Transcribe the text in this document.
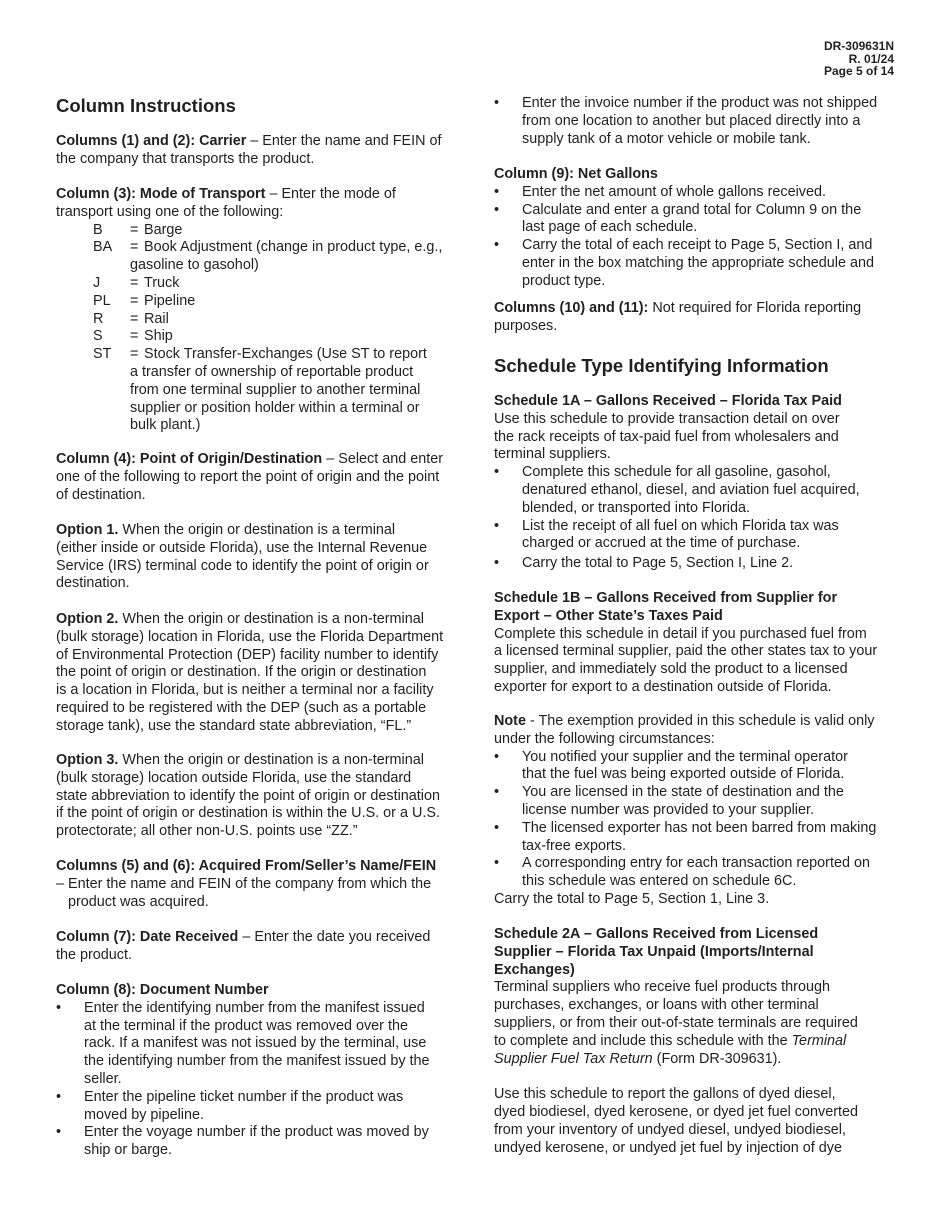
DR-309631N
R. 01/24
Page 5 of 14
Column Instructions
Columns (1) and (2): Carrier – Enter the name and FEIN of
the company that transports the product.
Column (3): Mode of Transport – Enter the mode of
transport using one of the following:
B	= Barge
BA	= Book Adjustment (change in product type, e.g.,
gasoline to gasohol)
J	= Truck
PL	= Pipeline
R	= Rail
S	= Ship
ST	= Stock Transfer-Exchanges (Use ST to report
a transfer of ownership of reportable product
from one terminal supplier to another terminal
supplier or position holder within a terminal or
bulk plant.)
Column (4): Point of Origin/Destination – Select and enter
one of the following to report the point of origin and the point
of destination.
Option 1. When the origin or destination is a terminal
(either inside or outside Florida), use the Internal Revenue
Service (IRS) terminal code to identify the point of origin or
destination.
Option 2. When the origin or destination is a non-terminal
(bulk storage) location in Florida, use the Florida Department
of Environmental Protection (DEP) facility number to identify
the point of origin or destination. If the origin or destination
is a location in Florida, but is neither a terminal nor a facility
required to be registered with the DEP (such as a portable
storage tank), use the standard state abbreviation, “FL.”
Option 3. When the origin or destination is a non-terminal
(bulk storage) location outside Florida, use the standard
state abbreviation to identify the point of origin or destination
if the point of origin or destination is within the U.S. or a U.S.
protectorate; all other non-U.S. points use “ZZ.”
Columns (5) and (6): Acquired From/Seller’s Name/FEIN
– Enter the name and FEIN of the company from which the
product was acquired.
Column (7): Date Received – Enter the date you received
the product.
Column (8): Document Number
• Enter the identifying number from the manifest issued
at the terminal if the product was removed over the
rack. If a manifest was not issued by the terminal, use
the identifying number from the manifest issued by the
seller.
• Enter the pipeline ticket number if the product was
moved by pipeline.
• Enter the voyage number if the product was moved by
ship or barge.
• Enter the invoice number if the product was not shipped
from one location to another but placed directly into a
supply tank of a motor vehicle or mobile tank.
Column (9): Net Gallons
• Enter the net amount of whole gallons received.
• Calculate and enter a grand total for Column 9 on the
last page of each schedule.
• Carry the total of each receipt to Page 5, Section I, and
enter in the box matching the appropriate schedule and
product type.
Columns (10) and (11): Not required for Florida reporting
purposes.
Schedule Type Identifying Information
Schedule 1A – Gallons Received – Florida Tax Paid
Use this schedule to provide transaction detail on over
the rack receipts of tax-paid fuel from wholesalers and
terminal suppliers.
• Complete this schedule for all gasoline, gasohol,
denatured ethanol, diesel, and aviation fuel acquired,
blended, or transported into Florida.
• List the receipt of all fuel on which Florida tax was
charged or accrued at the time of purchase.
• Carry the total to Page 5, Section I, Line 2.
Schedule 1B – Gallons Received from Supplier for
Export – Other State’s Taxes Paid
Complete this schedule in detail if you purchased fuel from
a licensed terminal supplier, paid the other states tax to your
supplier, and immediately sold the product to a licensed
exporter for export to a destination outside of Florida.
Note - The exemption provided in this schedule is valid only
under the following circumstances:
• You notified your supplier and the terminal operator
that the fuel was being exported outside of Florida.
• You are licensed in the state of destination and the
license number was provided to your supplier.
• The licensed exporter has not been barred from making
tax-free exports.
• A corresponding entry for each transaction reported on
this schedule was entered on schedule 6C.
Carry the total to Page 5, Section 1, Line 3.
Schedule 2A – Gallons Received from Licensed
Supplier – Florida Tax Unpaid (Imports/Internal
Exchanges)
Terminal suppliers who receive fuel products through
purchases, exchanges, or loans with other terminal
suppliers, or from their out-of-state terminals are required
to complete and include this schedule with the Terminal
Supplier Fuel Tax Return (Form DR-309631).

Use this schedule to report the gallons of dyed diesel,
dyed biodiesel, dyed kerosene, or dyed jet fuel converted
from your inventory of undyed diesel, undyed biodiesel,
undyed kerosene, or undyed jet fuel by injection of dye
